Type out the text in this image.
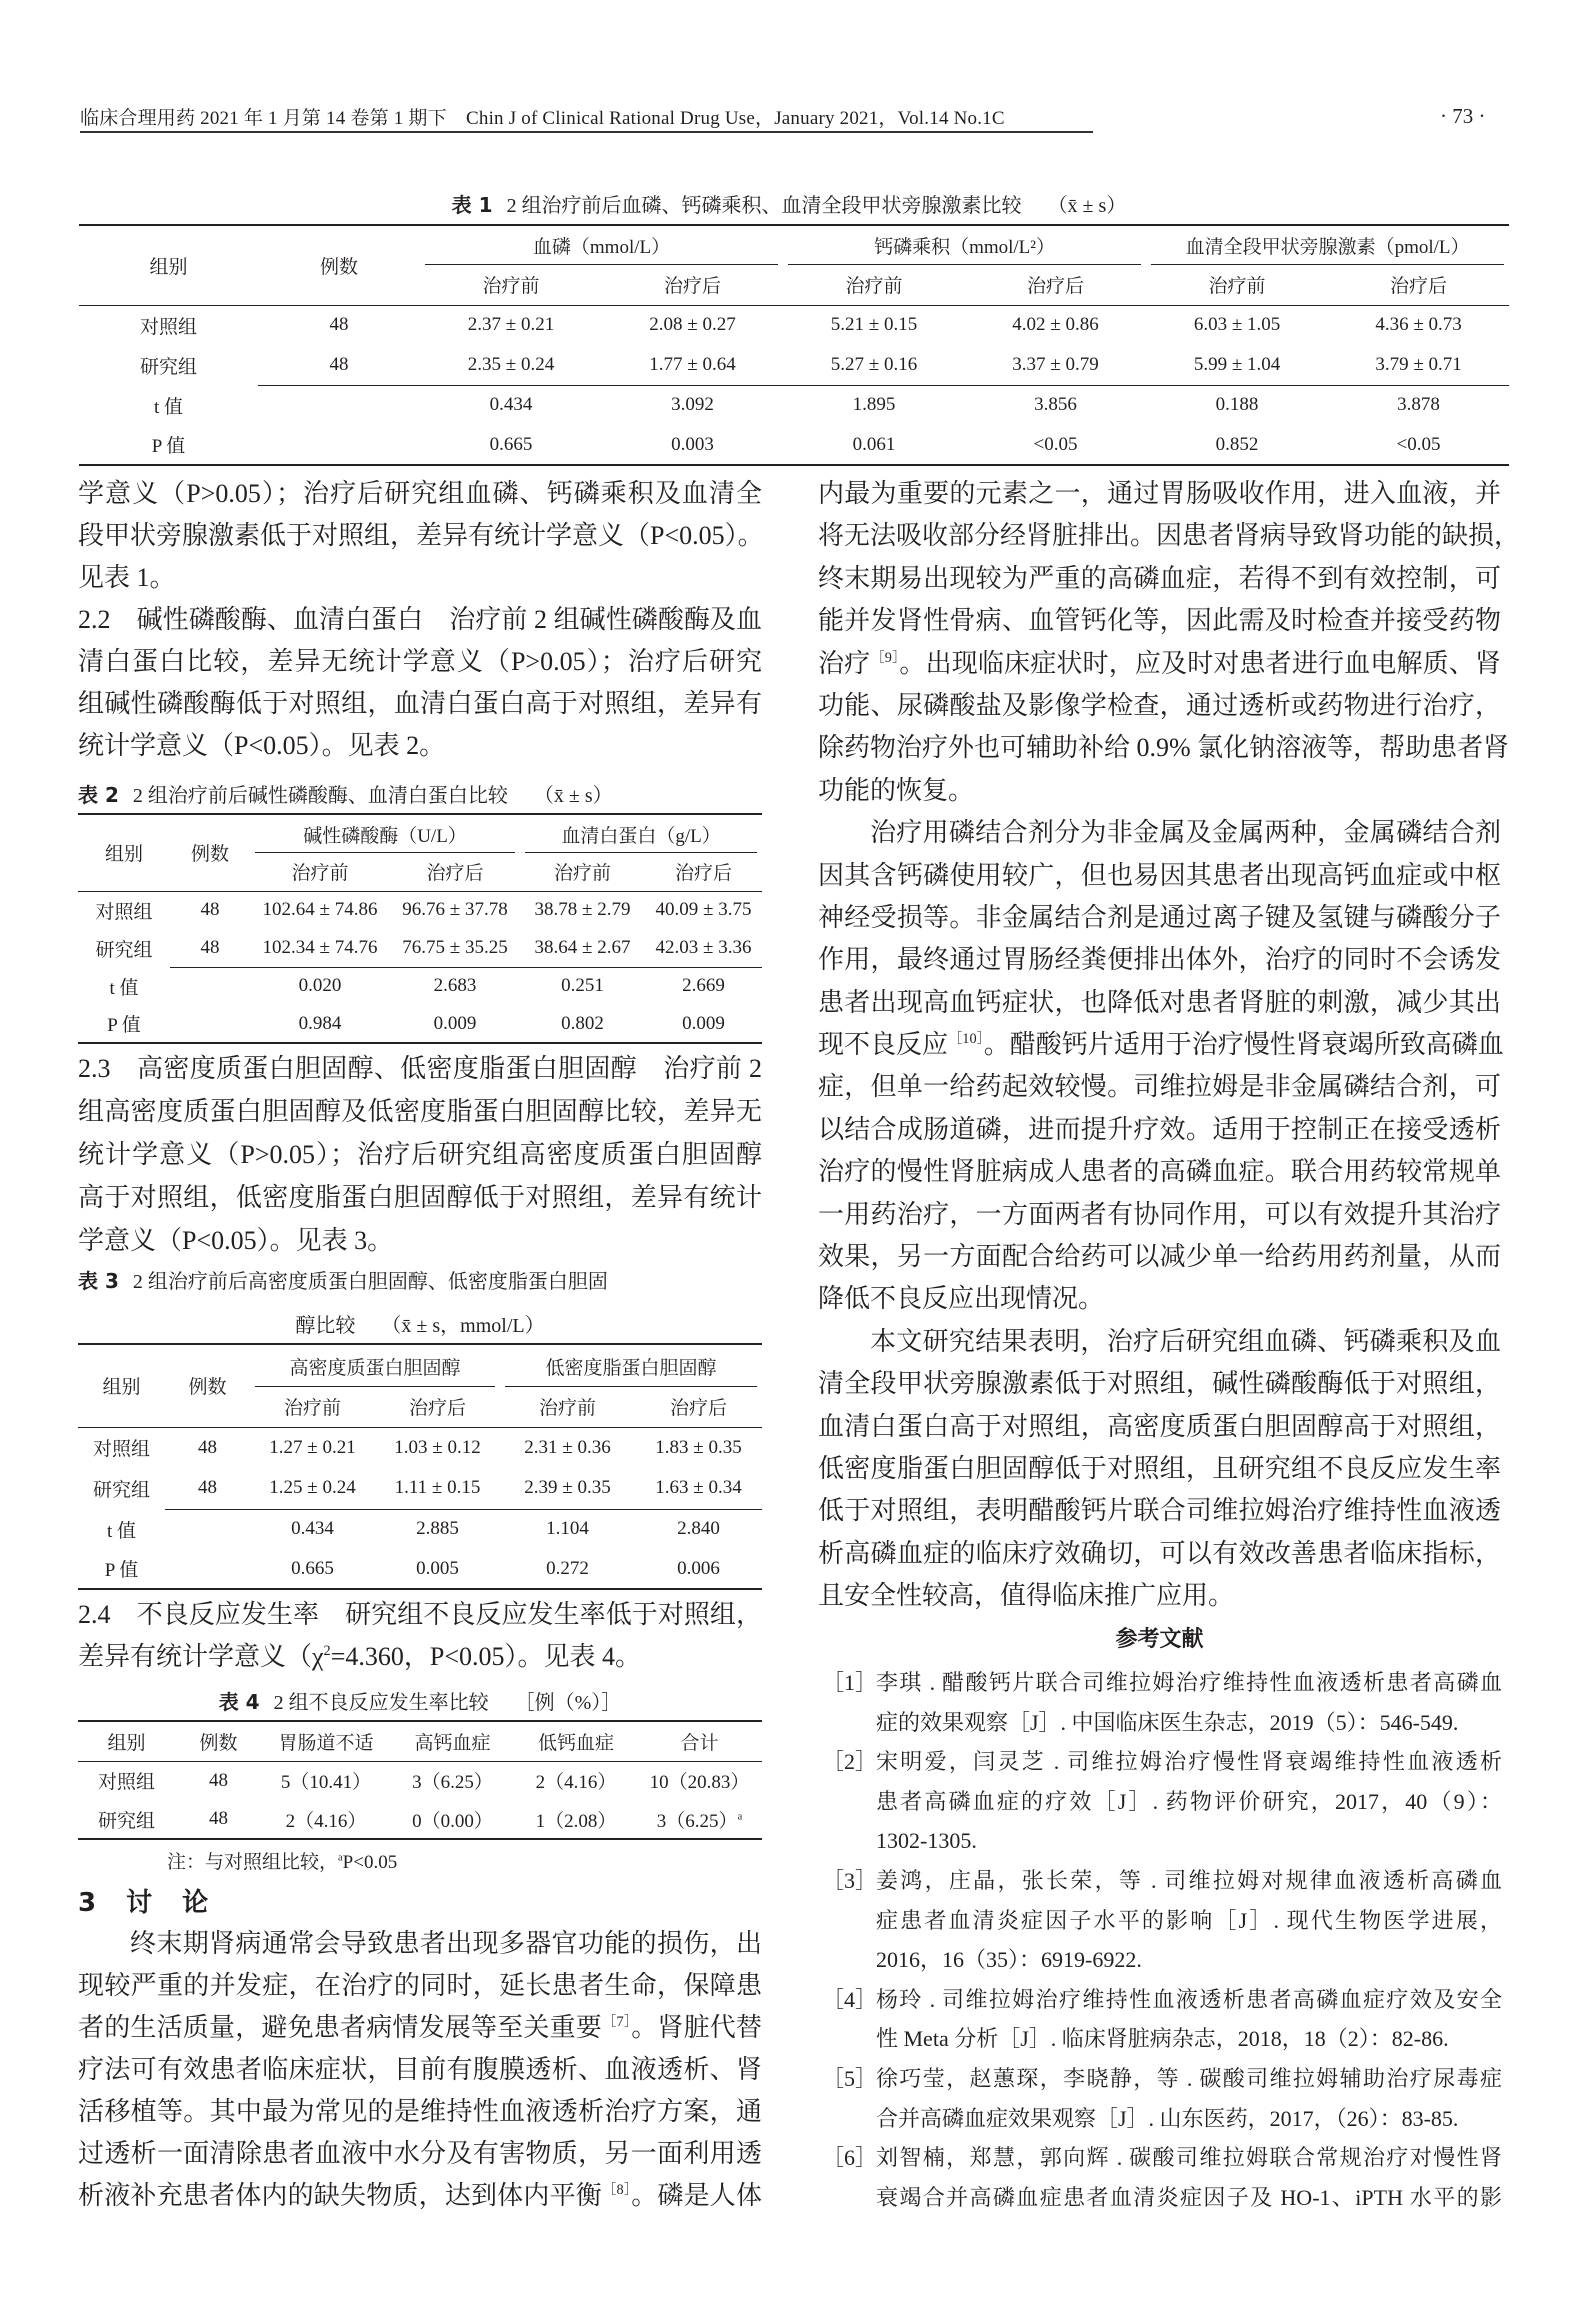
临床合理用药 2021 年 1 月第 14 卷第 1 期下　Chin J of Clinical Rational Drug Use，January 2021，Vol.14 No.1C	· 73 ·
表 1 2 组治疗前后血磷、钙磷乘积、血清全段甲状旁腺激素比较 （x̄ ± s）
组别	例数	血磷（mmol/L）		钙磷乘积（mmol/L²）		血清全段甲状旁腺激素（pmol/L）	
		治疗前	治疗后	治疗前	治疗后	治疗前	治疗后
对照组	48	2.37 ± 0.21	2.08 ± 0.27	5.21 ± 0.15	4.02 ± 0.86	6.03 ± 1.05	4.36 ± 0.73
研究组	48	2.35 ± 0.24	1.77 ± 0.64	5.27 ± 0.16	3.37 ± 0.79	5.99 ± 1.04	3.79 ± 0.71
t 值		0.434	3.092	1.895	3.856	0.188	3.878
P 值		0.665	0.003	0.061	<0.05	0.852	<0.05
学意义（P>0.05）；治疗后研究组血磷、钙磷乘积及血清全
段甲状旁腺激素低于对照组，差异有统计学意义（P<0.05）。
见表 1。
2.2　碱性磷酸酶、血清白蛋白　治疗前 2 组碱性磷酸酶及血
清白蛋白比较，差异无统计学意义（P>0.05）；治疗后研究
组碱性磷酸酶低于对照组，血清白蛋白高于对照组，差异有
统计学意义（P<0.05）。见表 2。
表 2 2 组治疗前后碱性磷酸酶、血清白蛋白比较 （x̄ ± s）
组别	例数	碱性磷酸酶（U/L）		血清白蛋白（g/L）	
		治疗前	治疗后	治疗前	治疗后
对照组	48	102.64 ± 74.86	96.76 ± 37.78	38.78 ± 2.79	40.09 ± 3.75
研究组	48	102.34 ± 74.76	76.75 ± 35.25	38.64 ± 2.67	42.03 ± 3.36
t 值		0.020	2.683	0.251	2.669
P 值		0.984	0.009	0.802	0.009
2.3　高密度质蛋白胆固醇、低密度脂蛋白胆固醇　治疗前 2
组高密度质蛋白胆固醇及低密度脂蛋白胆固醇比较，差异无
统计学意义（P>0.05）；治疗后研究组高密度质蛋白胆固醇
高于对照组，低密度脂蛋白胆固醇低于对照组，差异有统计
学意义（P<0.05）。见表 3。
表 3 2 组治疗前后高密度质蛋白胆固醇、低密度脂蛋白胆固
醇比较 （x̄ ± s，mmol/L）
组别	例数	高密度质蛋白胆固醇		低密度脂蛋白胆固醇	
		治疗前	治疗后	治疗前	治疗后
对照组	48	1.27 ± 0.21	1.03 ± 0.12	2.31 ± 0.36	1.83 ± 0.35
研究组	48	1.25 ± 0.24	1.11 ± 0.15	2.39 ± 0.35	1.63 ± 0.34
t 值		0.434	2.885	1.104	2.840
P 值		0.665	0.005	0.272	0.006
2.4　不良反应发生率　研究组不良反应发生率低于对照组，
差异有统计学意义（$\chi^2=4.360$，P<0.05）。见表 4。
表 4 2 组不良反应发生率比较 ［例（%）］
组别	例数	胃肠道不适	高钙血症	低钙血症	合计
对照组	48	5（10.41）	3（6.25）	2（4.16）	10（20.83）
研究组	48	2（4.16）	0（0.00）	1（2.08）	$3(6.25)^a$
注：与对照组比较，$^a$P<0.05
3　讨　论
终末期肾病通常会导致患者出现多器官功能的损伤，出
现较严重的并发症，在治疗的同时，延长患者生命，保障患
者的生活质量，避免患者病情发展等至关重要$^{[7]}$。肾脏代替
疗法可有效患者临床症状，目前有腹膜透析、血液透析、肾
活移植等。其中最为常见的是维持性血液透析治疗方案，通
过透析一面清除患者血液中水分及有害物质，另一面利用透
析液补充患者体内的缺失物质，达到体内平衡$^{[8]}$。磷是人体
内最为重要的元素之一，通过胃肠吸收作用，进入血液，并
将无法吸收部分经肾脏排出。因患者肾病导致肾功能的缺损，
终末期易出现较为严重的高磷血症，若得不到有效控制，可
能并发肾性骨病、血管钙化等，因此需及时检查并接受药物
治疗$^{[9]}$。出现临床症状时，应及时对患者进行血电解质、肾
功能、尿磷酸盐及影像学检查，通过透析或药物进行治疗，
除药物治疗外也可辅助补给 0.9% 氯化钠溶液等，帮助患者肾
功能的恢复。
治疗用磷结合剂分为非金属及金属两种，金属磷结合剂
因其含钙磷使用较广，但也易因其患者出现高钙血症或中枢
神经受损等。非金属结合剂是通过离子键及氢键与磷酸分子
作用，最终通过胃肠经粪便排出体外，治疗的同时不会诱发
患者出现高血钙症状，也降低对患者肾脏的刺激，减少其出
现不良反应$^{[10]}$。醋酸钙片适用于治疗慢性肾衰竭所致高磷血
症，但单一给药起效较慢。司维拉姆是非金属磷结合剂，可
以结合成肠道磷，进而提升疗效。适用于控制正在接受透析
治疗的慢性肾脏病成人患者的高磷血症。联合用药较常规单
一用药治疗，一方面两者有协同作用，可以有效提升其治疗
效果，另一方面配合给药可以减少单一给药用药剂量，从而
降低不良反应出现情况。
本文研究结果表明，治疗后研究组血磷、钙磷乘积及血
清全段甲状旁腺激素低于对照组，碱性磷酸酶低于对照组，
血清白蛋白高于对照组，高密度质蛋白胆固醇高于对照组，
低密度脂蛋白胆固醇低于对照组，且研究组不良反应发生率
低于对照组，表明醋酸钙片联合司维拉姆治疗维持性血液透
析高磷血症的临床疗效确切，可以有效改善患者临床指标，
且安全性较高，值得临床推广应用。
参考文献
［1］
李琪 . 醋酸钙片联合司维拉姆治疗维持性血液透析患者高磷血
症的效果观察［J］. 中国临床医生杂志，2019（5）：546-549.
［2］
宋明爱，闫灵芝 . 司维拉姆治疗慢性肾衰竭维持性血液透析
患者高磷血症的疗效［J］. 药物评价研究，2017，40（9）：
1302-1305.
［3］
姜鸿，庄晶，张长荣，等 . 司维拉姆对规律血液透析高磷血
症患者血清炎症因子水平的影响［J］. 现代生物医学进展，
2016，16（35）：6919-6922.
［4］
杨玲 . 司维拉姆治疗维持性血液透析患者高磷血症疗效及安全
性 Meta 分析［J］. 临床肾脏病杂志，2018，18（2）：82-86.
［5］
徐巧莹，赵蕙琛，李晓静，等 . 碳酸司维拉姆辅助治疗尿毒症
合并高磷血症效果观察［J］. 山东医药，2017，（26）：83-85.
［6］
刘智楠，郑慧，郭向辉 . 碳酸司维拉姆联合常规治疗对慢性肾
衰竭合并高磷血症患者血清炎症因子及 HO-1、iPTH 水平的影
